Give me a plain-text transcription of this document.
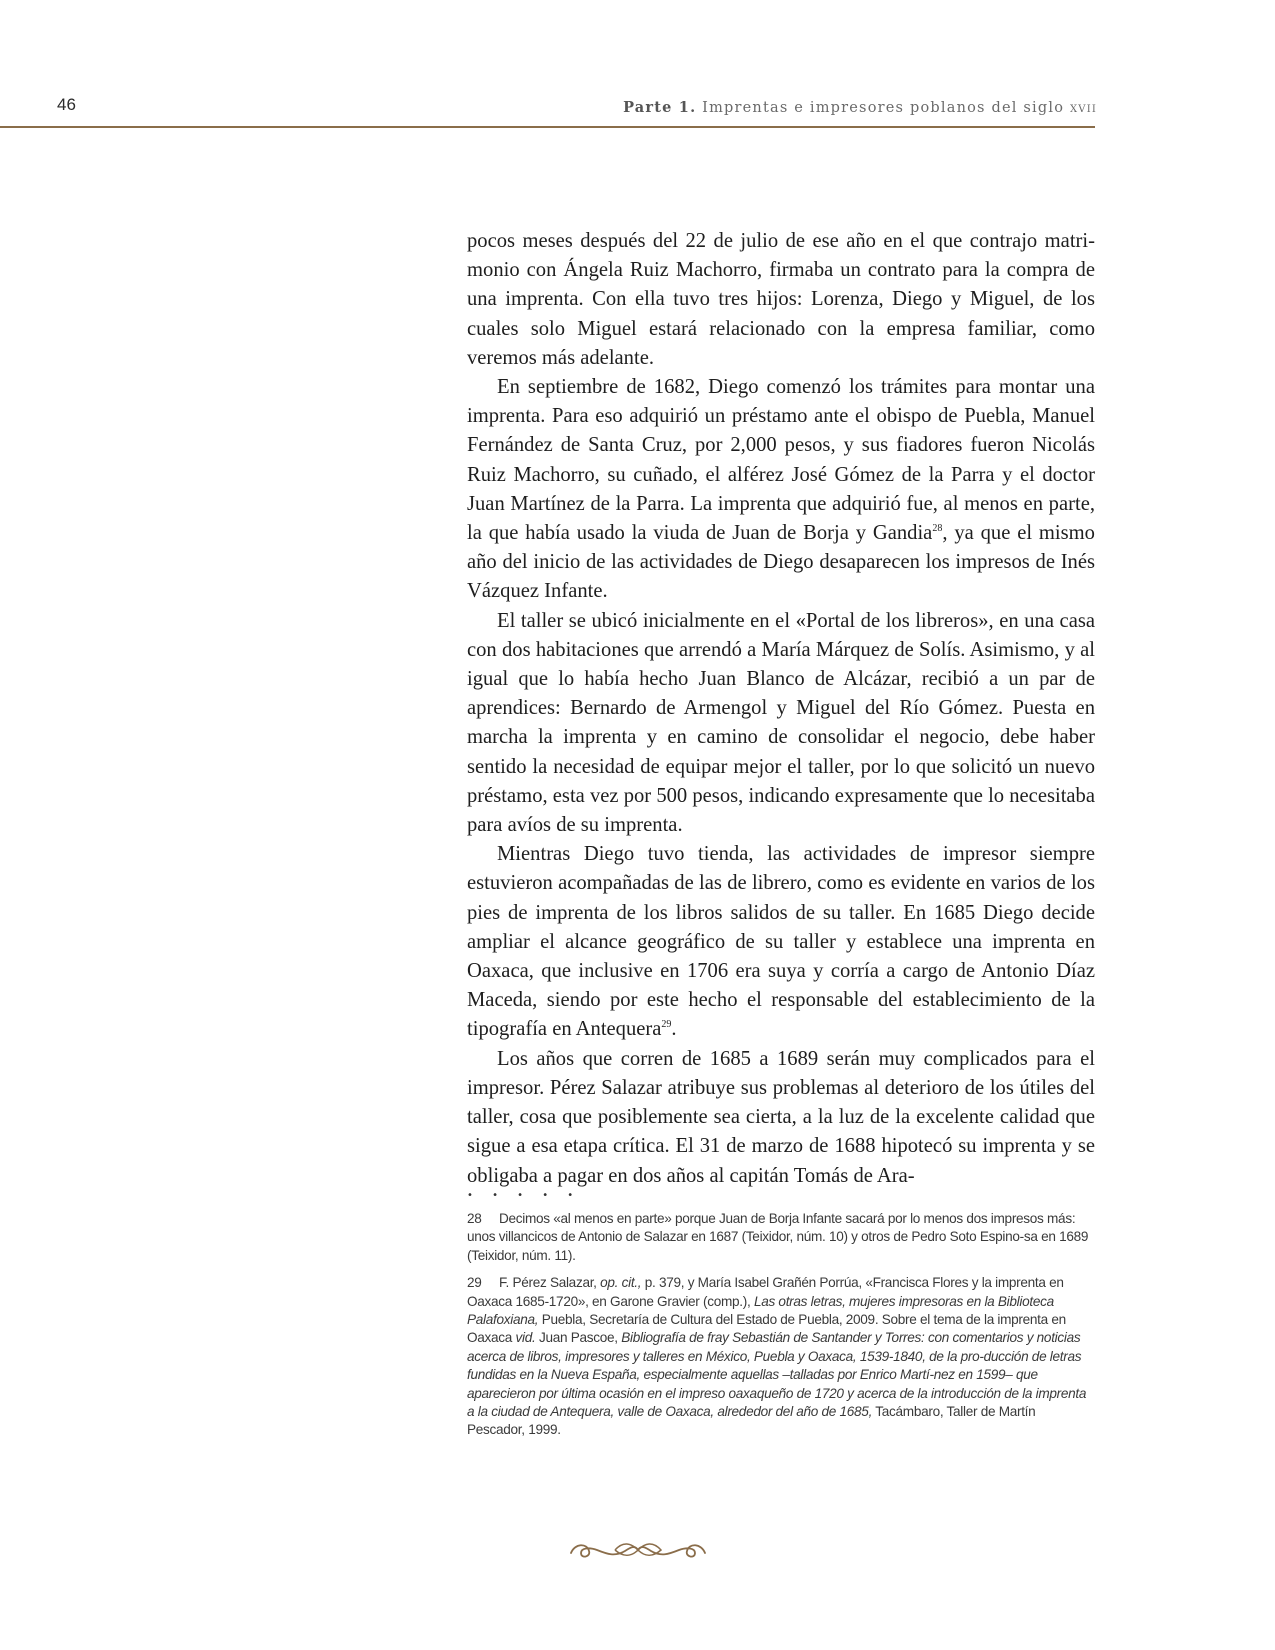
46	Parte 1. Imprentas e impresores poblanos del siglo xvii

pocos meses después del 22 de julio de ese año en el que contrajo matrimonio con Ángela Ruiz Machorro, firmaba un contrato para la compra de una imprenta. Con ella tuvo tres hijos: Lorenza, Diego y Miguel, de los cuales solo Miguel estará relacionado con la empresa familiar, como veremos más adelante.

En septiembre de 1682, Diego comenzó los trámites para montar una imprenta. Para eso adquirió un préstamo ante el obispo de Puebla, Manuel Fernández de Santa Cruz, por 2,000 pesos, y sus fiadores fueron Nicolás Ruiz Machorro, su cuñado, el alférez José Gómez de la Parra y el doctor Juan Martínez de la Parra. La imprenta que adquirió fue, al menos en parte, la que había usado la viuda de Juan de Borja y Gandia$^{28}$, ya que el mismo año del inicio de las actividades de Diego desaparecen los impresos de Inés Vázquez Infante.

El taller se ubicó inicialmente en el «Portal de los libreros», en una casa con dos habitaciones que arrendó a María Márquez de Solís. Asimismo, y al igual que lo había hecho Juan Blanco de Alcázar, recibió a un par de aprendices: Bernardo de Armengol y Miguel del Río Gómez. Puesta en marcha la imprenta y en camino de consolidar el negocio, debe haber sentido la necesidad de equipar mejor el taller, por lo que solicitó un nuevo préstamo, esta vez por 500 pesos, indicando expresamente que lo necesitaba para avíos de su imprenta.

Mientras Diego tuvo tienda, las actividades de impresor siempre estuvieron acompañadas de las de librero, como es evidente en varios de los pies de imprenta de los libros salidos de su taller. En 1685 Diego decide ampliar el alcance geográfico de su taller y establece una imprenta en Oaxaca, que inclusive en 1706 era suya y corría a cargo de Antonio Díaz Maceda, siendo por este hecho el responsable del establecimiento de la tipografía en Antequera$^{29}$.

Los años que corren de 1685 a 1689 serán muy complicados para el impresor. Pérez Salazar atribuye sus problemas al deterioro de los útiles del taller, cosa que posiblemente sea cierta, a la luz de la excelente calidad que sigue a esa etapa crítica. El 31 de marzo de 1688 hipotecó su imprenta y se obligaba a pagar en dos años al capitán Tomás de Ara-

• • • • •

28 Decimos «al menos en parte» porque Juan de Borja Infante sacará por lo menos dos impresos más: unos villancicos de Antonio de Salazar en 1687 (Teixidor, núm. 10) y otros de Pedro Soto Espino-sa en 1689 (Teixidor, núm. 11).

29 F. Pérez Salazar, op. cit., p. 379, y María Isabel Grañén Porrúa, «Francisca Flores y la imprenta en Oaxaca 1685-1720», en Garone Gravier (comp.), Las otras letras, mujeres impresoras en la Biblioteca Palafoxiana, Puebla, Secretaría de Cultura del Estado de Puebla, 2009. Sobre el tema de la imprenta en Oaxaca vid. Juan Pascoe, Bibliografía de fray Sebastián de Santander y Torres: con comentarios y noticias acerca de libros, impresores y talleres en México, Puebla y Oaxaca, 1539-1840, de la pro-ducción de letras fundidas en la Nueva España, especialmente aquellas –talladas por Enrico Martí-nez en 1599– que aparecieron por última ocasión en el impreso oaxaqueño de 1720 y acerca de la introducción de la imprenta a la ciudad de Antequera, valle de Oaxaca, alrededor del año de 1685, Tacámbaro, Taller de Martín Pescador, 1999.
